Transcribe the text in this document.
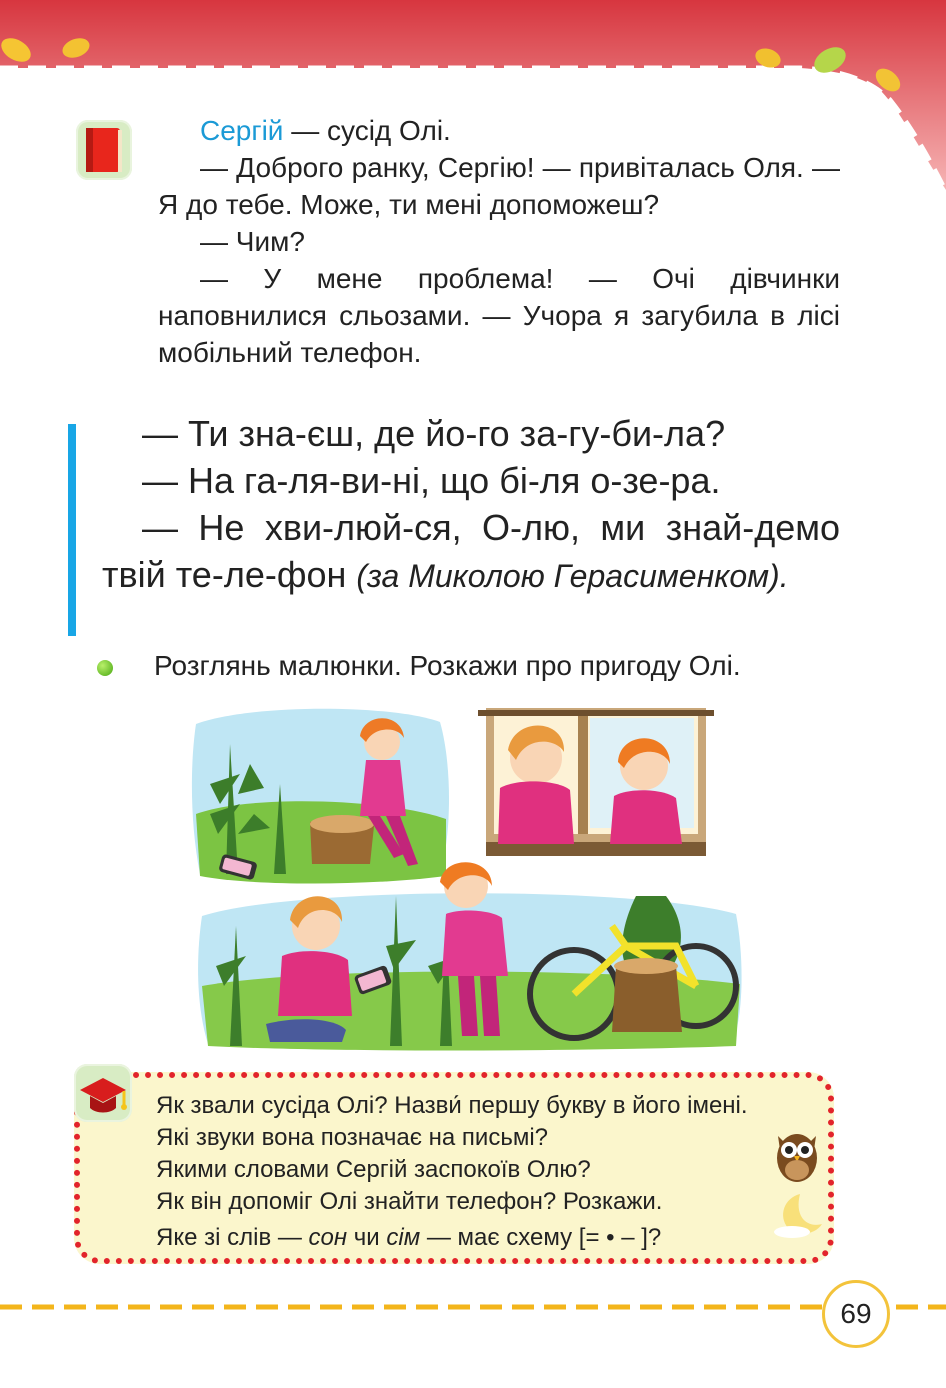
Сергій — сусід Олі.

— Доброго ранку, Сергію! — привіталась Оля. — Я до тебе. Може, ти мені допоможеш?

— Чим?

— У мене проблема! — Очі дівчинки наповнилися сльозами. — Учора я загубила в лісі мобільний телефон.

— Ти зна-єш, де йо-го за-гу-би-ла?

— На га-ля-ви-ні, що бі-ля о-зе-ра.

— Не хви-люй-ся, О-лю, ми знай-демо твій те-ле-фон (за Миколою Герасименком).

Розглянь малюнки. Розкажи про пригоду Олі.

Як звали сусіда Олі? Назви́ першу букву в його імені. Які звуки вона позначає на письмі?

Якими словами Сергій заспокоїв Олю?

Як він допоміг Олі знайти телефон? Розкажи.

Яке зі слів — сон чи сім — має схему [= • – ]?

69
